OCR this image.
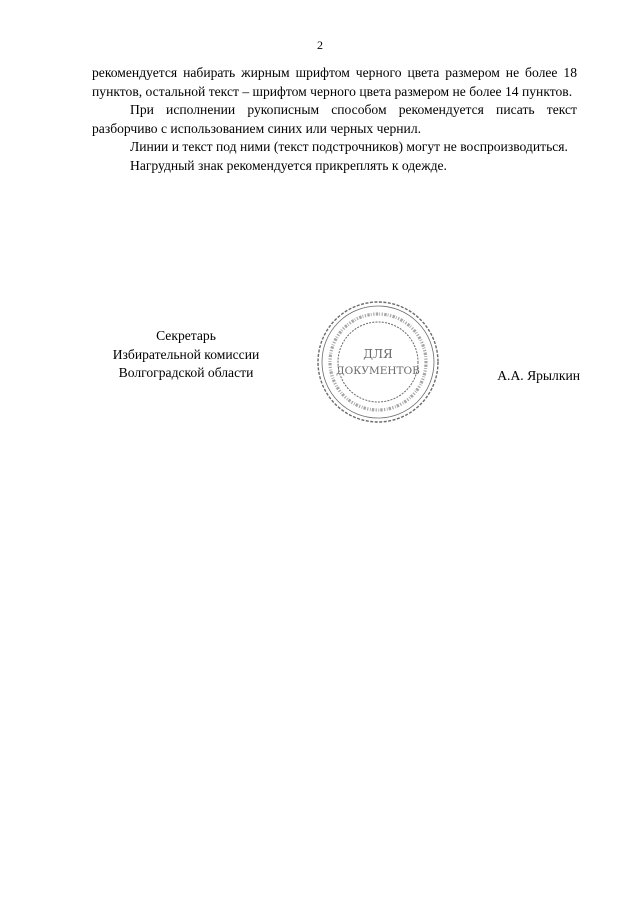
2

рекомендуется набирать жирным шрифтом черного цвета размером не более 18 пунктов, остальной текст – шрифтом черного цвета размером не более 14 пунктов.

При исполнении рукописным способом рекомендуется писать текст разборчиво с использованием синих или черных чернил.

Линии и текст под ними (текст подстрочников) могут не воспроизводиться.

Нагрудный знак рекомендуется прикреплять к одежде.

Секретарь
Избирательной комиссии
Волгоградской области
ДЛЯ
ДОКУМЕНТОВ	А.А. Ярылкин
